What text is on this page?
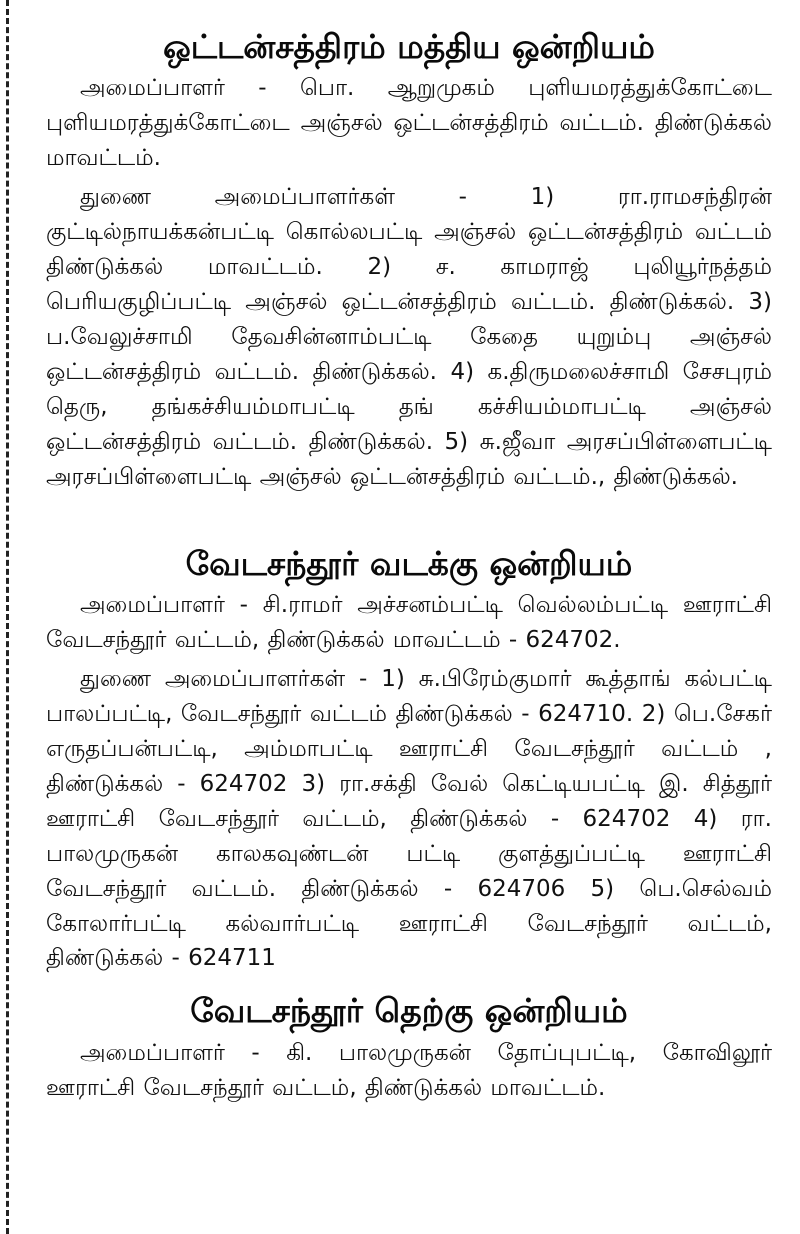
ஒட்டன்சத்திரம் மத்திய ஒன்றியம்

அமைப்பாளர் - பொ. ஆறுமுகம் புளியமரத்துக்கோட்டை புளியமரத்துக்கோட்டை அஞ்சல் ஒட்டன்சத்திரம் வட்டம். திண்டுக்கல் மாவட்டம்.

துணை அமைப்பாளர்கள் - 1) ரா.ராமசந்திரன் குட்டில்நாயக்கன்பட்டி கொல்லபட்டி அஞ்சல் ஒட்டன்சத்திரம் வட்டம் திண்டுக்கல் மாவட்டம். 2) ச. காமராஜ் புலியூர்நத்தம் பெரியகுழிப்பட்டி அஞ்சல் ஒட்டன்சத்திரம் வட்டம். திண்டுக்கல். 3) ப.வேலுச்சாமி தேவசின்னாம்பட்டி கேதை யுறும்பு அஞ்சல் ஒட்டன்சத்திரம் வட்டம். திண்டுக்கல். 4) க.திருமலைச்சாமி சேசபுரம் தெரு, தங்கச்சியம்மாபட்டி தங் கச்சியம்மாபட்டி அஞ்சல் ஒட்டன்சத்திரம் வட்டம். திண்டுக்கல். 5) சு.ஜீவா அரசப்பிள்ளைபட்டி அரசப்பிள்ளைபட்டி அஞ்சல் ஒட்டன்சத்திரம் வட்டம்., திண்டுக்கல்.

வேடசந்தூர் வடக்கு ஒன்றியம்

அமைப்பாளர் - சி.ராமர் அச்சனம்பட்டி வெல்லம்பட்டி ஊராட்சி வேடசந்தூர் வட்டம், திண்டுக்கல் மாவட்டம் - 624702.

துணை அமைப்பாளர்கள் - 1) சு.பிரேம்குமார் கூத்தாங் கல்பட்டி பாலப்பட்டி, வேடசந்தூர் வட்டம் திண்டுக்கல் - 624710. 2) பெ.சேகர் எருதப்பன்பட்டி, அம்மாபட்டி ஊராட்சி வேடசந்தூர் வட்டம் , திண்டுக்கல் - 624702 3) ரா.சக்தி வேல் கெட்டியபட்டி இ. சித்தூர் ஊராட்சி வேடசந்தூர் வட்டம், திண்டுக்கல் - 624702 4) ரா. பாலமுருகன் காலகவுண்டன் பட்டி குளத்துப்பட்டி ஊராட்சி வேடசந்தூர் வட்டம். திண்டுக்கல் - 624706 5) பெ.செல்வம் கோலார்பட்டி கல்வார்பட்டி ஊராட்சி வேடசந்தூர் வட்டம், திண்டுக்கல் - 624711

வேடசந்தூர் தெற்கு ஒன்றியம்

அமைப்பாளர் - கி. பாலமுருகன் தோப்புபட்டி, கோவிலூர் ஊராட்சி வேடசந்தூர் வட்டம், திண்டுக்கல் மாவட்டம்.
